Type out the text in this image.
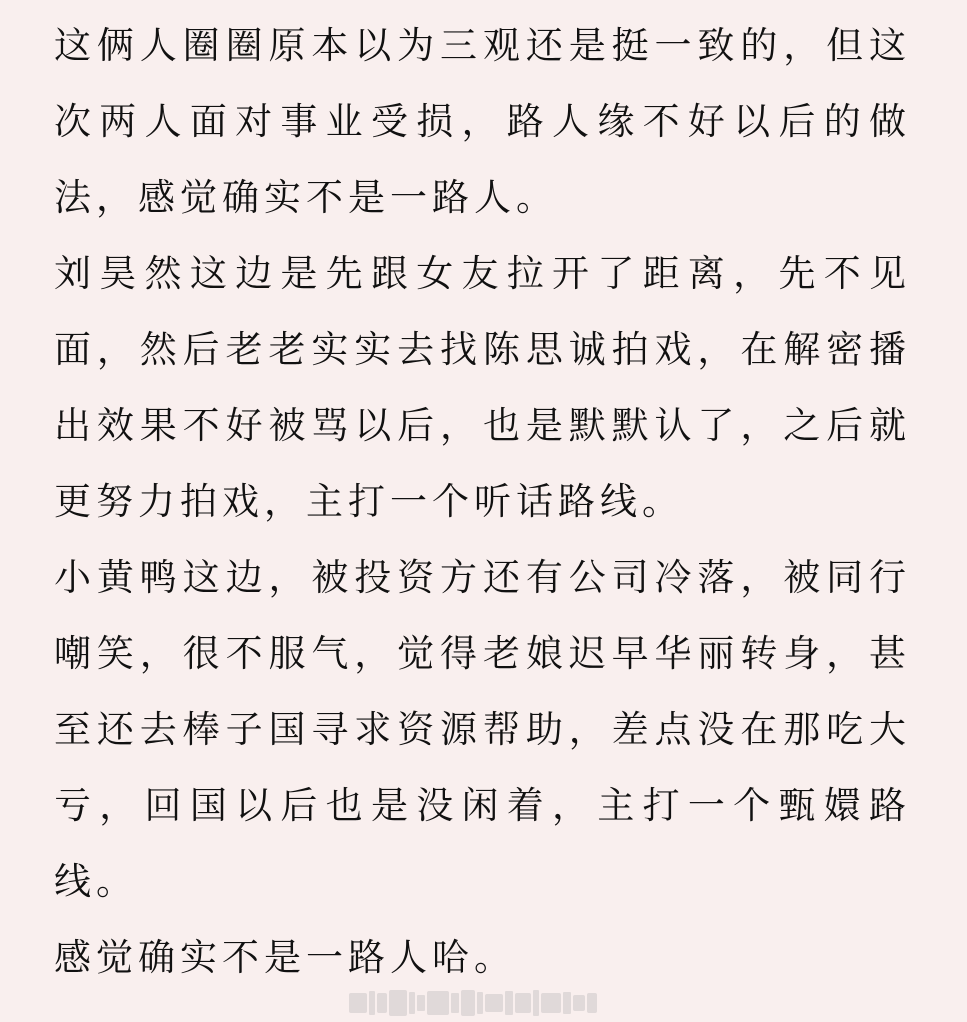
这俩人圈圈原本以为三观还是挺一致的，但这次两人面对事业受损，路人缘不好以后的做法，感觉确实不是一路人。

刘昊然这边是先跟女友拉开了距离，先不见面，然后老老实实去找陈思诚拍戏，在解密播出效果不好被骂以后，也是默默认了，之后就更努力拍戏，主打一个听话路线。

小黄鸭这边，被投资方还有公司冷落，被同行嘲笑，很不服气，觉得老娘迟早华丽转身，甚至还去棒子国寻求资源帮助，差点没在那吃大亏，回国以后也是没闲着，主打一个甄嬛路线。

感觉确实不是一路人哈。
